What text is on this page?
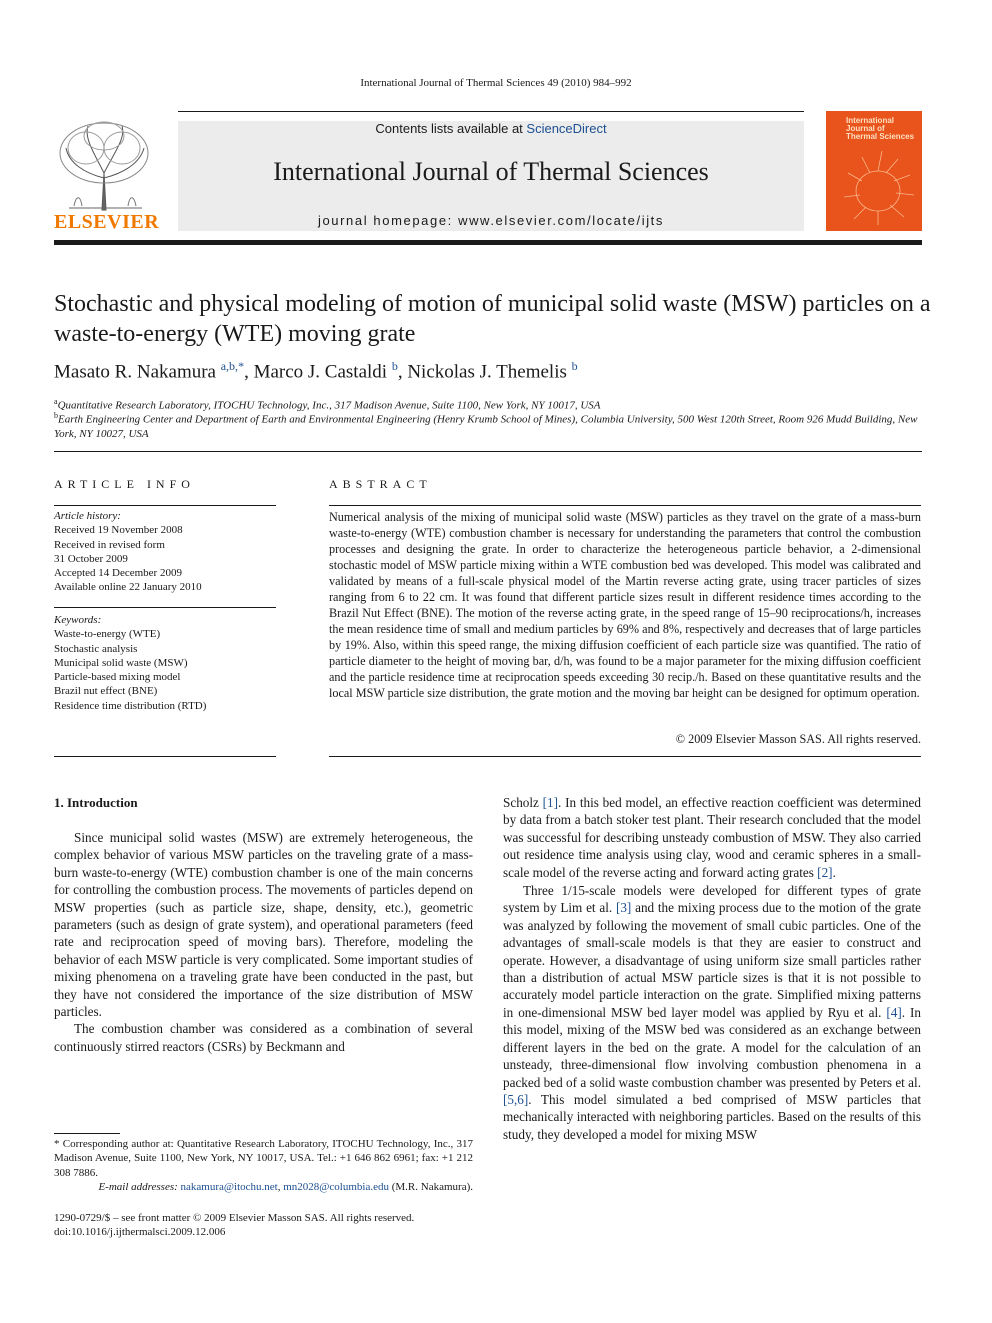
International Journal of Thermal Sciences 49 (2010) 984–992
ELSEVIER
Contents lists available at ScienceDirect
International Journal of Thermal Sciences
journal homepage: www.elsevier.com/locate/ijts
International Journal of Thermal Sciences
Stochastic and physical modeling of motion of municipal solid waste (MSW) particles on a waste-to-energy (WTE) moving grate
Masato R. Nakamura $^{a,b,*}$, Marco J. Castaldi $^b$, Nickolas J. Themelis $^b$
$^a$Quantitative Research Laboratory, ITOCHU Technology, Inc., 317 Madison Avenue, Suite 1100, New York, NY 10017, USA
$^b$Earth Engineering Center and Department of Earth and Environmental Engineering (Henry Krumb School of Mines), Columbia University, 500 West 120th Street, Room 926 Mudd Building, New York, NY 10027, USA
ARTICLE INFO
Article history:
Received 19 November 2008
Received in revised form
31 October 2009
Accepted 14 December 2009
Available online 22 January 2010
Keywords:
Waste-to-energy (WTE)
Stochastic analysis
Municipal solid waste (MSW)
Particle-based mixing model
Brazil nut effect (BNE)
Residence time distribution (RTD)
ABSTRACT
Numerical analysis of the mixing of municipal solid waste (MSW) particles as they travel on the grate of a mass-burn waste-to-energy (WTE) combustion chamber is necessary for understanding the parameters that control the combustion processes and designing the grate. In order to characterize the heterogeneous particle behavior, a 2-dimensional stochastic model of MSW particle mixing within a WTE combustion bed was developed. This model was calibrated and validated by means of a full-scale physical model of the Martin reverse acting grate, using tracer particles of sizes ranging from 6 to 22 cm. It was found that different particle sizes result in different residence times according to the Brazil Nut Effect (BNE). The motion of the reverse acting grate, in the speed range of 15–90 reciprocations/h, increases the mean residence time of small and medium particles by 69% and 8%, respectively and decreases that of large particles by 19%. Also, within this speed range, the mixing diffusion coefficient of each particle size was quantified. The ratio of particle diameter to the height of moving bar, d/h, was found to be a major parameter for the mixing diffusion coefficient and the particle residence time at reciprocation speeds exceeding 30 recip./h. Based on these quantitative results and the local MSW particle size distribution, the grate motion and the moving bar height can be designed for optimum operation.
© 2009 Elsevier Masson SAS. All rights reserved.
1. Introduction

Since municipal solid wastes (MSW) are extremely heterogeneous, the complex behavior of various MSW particles on the traveling grate of a mass-burn waste-to-energy (WTE) combustion chamber is one of the main concerns for controlling the combustion process. The movements of particles depend on MSW properties (such as particle size, shape, density, etc.), geometric parameters (such as design of grate system), and operational parameters (feed rate and reciprocation speed of moving bars). Therefore, modeling the behavior of each MSW particle is very complicated. Some important studies of mixing phenomena on a traveling grate have been conducted in the past, but they have not considered the importance of the size distribution of MSW particles.

The combustion chamber was considered as a combination of several continuously stirred reactors (CSRs) by Beckmann and

Scholz [1]. In this bed model, an effective reaction coefficient was determined by data from a batch stoker test plant. Their research concluded that the model was successful for describing unsteady combustion of MSW. They also carried out residence time analysis using clay, wood and ceramic spheres in a small-scale model of the reverse acting and forward acting grates [2].

Three 1/15-scale models were developed for different types of grate system by Lim et al. [3] and the mixing process due to the motion of the grate was analyzed by following the movement of small cubic particles. One of the advantages of small-scale models is that they are easier to construct and operate. However, a disadvantage of using uniform size small particles rather than a distribution of actual MSW particle sizes is that it is not possible to accurately model particle interaction on the grate. Simplified mixing patterns in one-dimensional MSW bed layer model was applied by Ryu et al. [4]. In this model, mixing of the MSW bed was considered as an exchange between different layers in the bed on the grate. A model for the calculation of an unsteady, three-dimensional flow involving combustion phenomena in a packed bed of a solid waste combustion chamber was presented by Peters et al. [5,6]. This model simulated a bed comprised of MSW particles that mechanically interacted with neighboring particles. Based on the results of this study, they developed a model for mixing MSW

* Corresponding author at: Quantitative Research Laboratory, ITOCHU Technology, Inc., 317 Madison Avenue, Suite 1100, New York, NY 10017, USA. Tel.: +1 646 862 6961; fax: +1 212 308 7886.
E-mail addresses: nakamura@itochu.net, mn2028@columbia.edu (M.R. Nakamura).
1290-0729/$ – see front matter © 2009 Elsevier Masson SAS. All rights reserved.
doi:10.1016/j.ijthermalsci.2009.12.006
